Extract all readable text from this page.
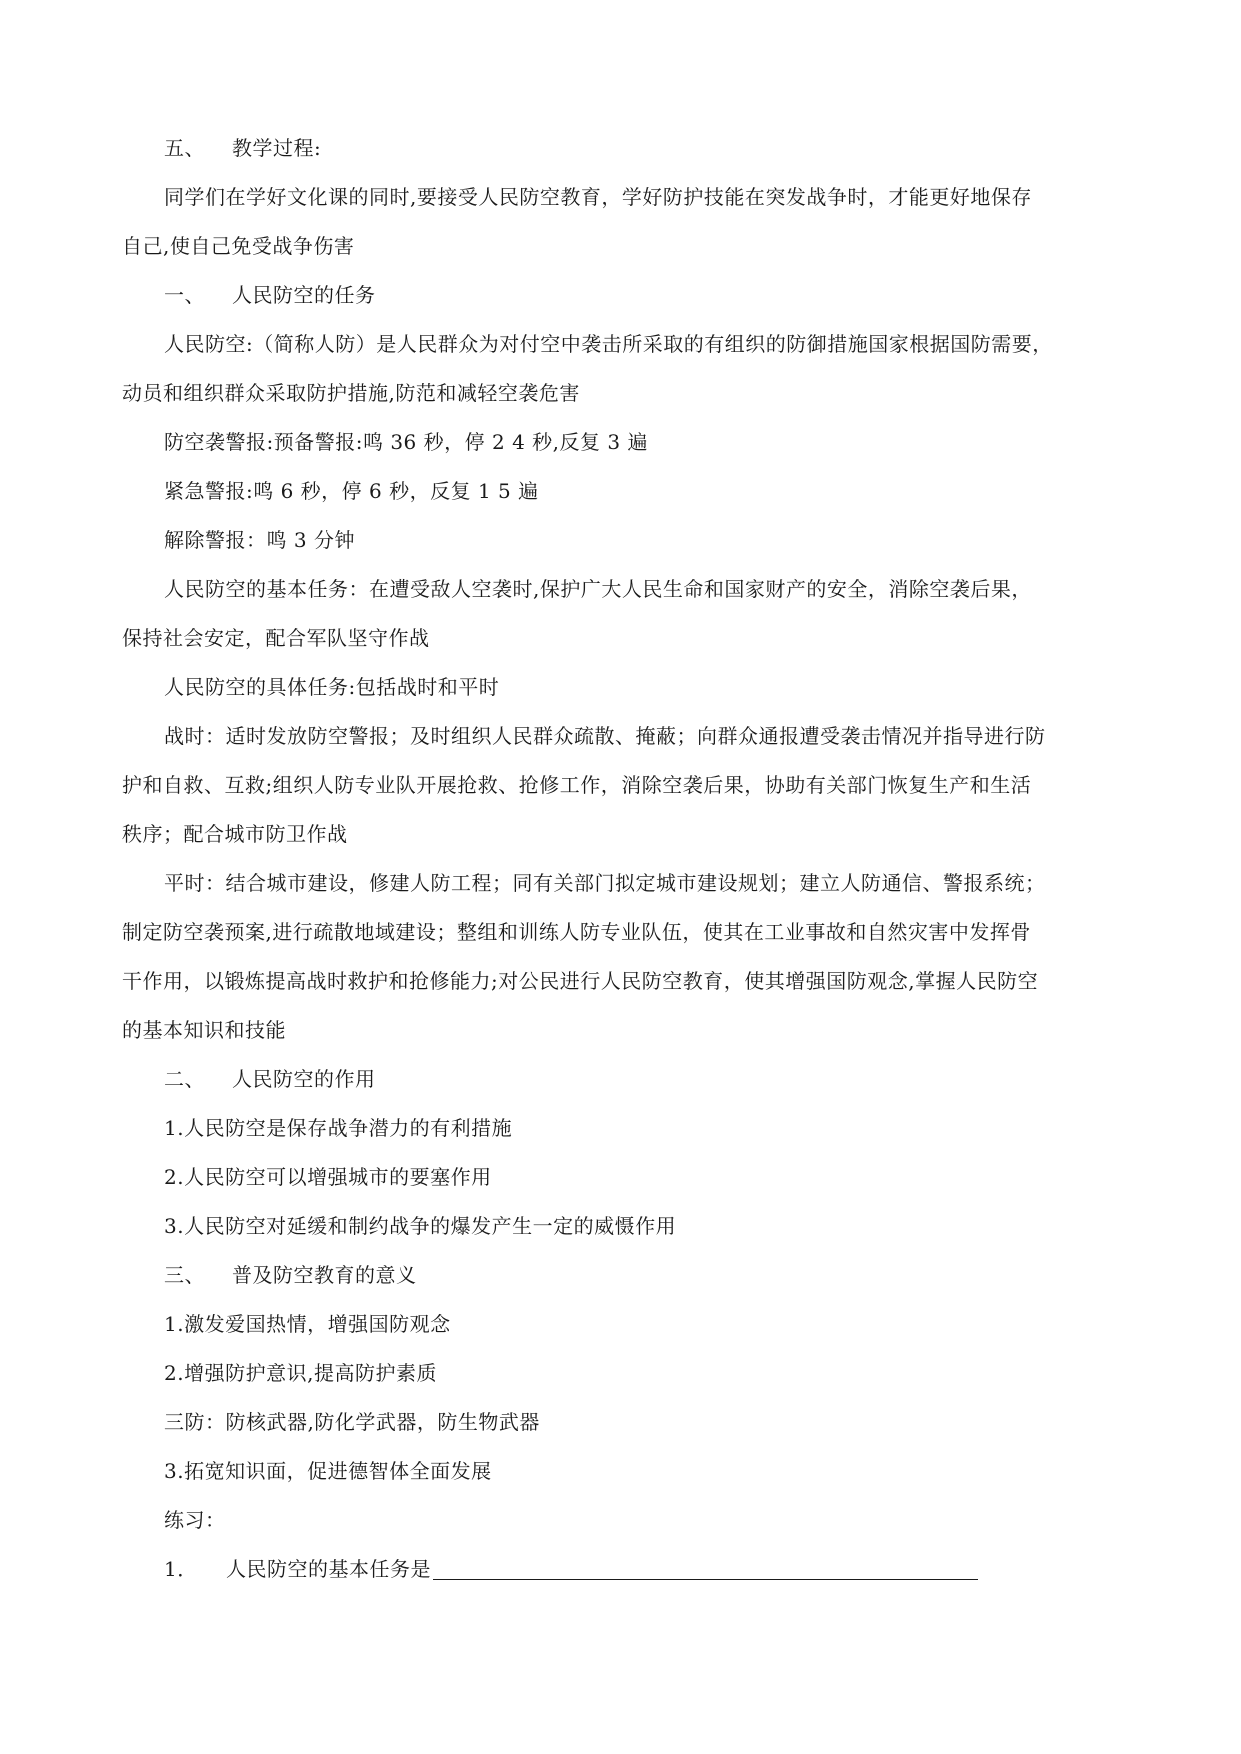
五、 教学过程:
同学们在学好文化课的同时,要接受人民防空教育，学好防护技能在突发战争时，才能更好地保存
自己,使自己免受战争伤害
一、 人民防空的任务
人民防空:（简称人防）是人民群众为对付空中袭击所采取的有组织的防御措施国家根据国防需要，
动员和组织群众采取防护措施,防范和减轻空袭危害
防空袭警报:预备警报:鸣 36 秒，停 2 4 秒,反复 3 遍
紧急警报:鸣 6 秒，停 6 秒，反复 1 5 遍
解除警报：鸣 3 分钟
人民防空的基本任务：在遭受敌人空袭时,保护广大人民生命和国家财产的安全，消除空袭后果，
保持社会安定，配合军队坚守作战
人民防空的具体任务:包括战时和平时
战时：适时发放防空警报；及时组织人民群众疏散、掩蔽；向群众通报遭受袭击情况并指导进行防
护和自救、互救;组织人防专业队开展抢救、抢修工作，消除空袭后果，协助有关部门恢复生产和生活
秩序；配合城市防卫作战
平时：结合城市建设，修建人防工程；同有关部门拟定城市建设规划；建立人防通信、警报系统；
制定防空袭预案,进行疏散地域建设；整组和训练人防专业队伍，使其在工业事故和自然灾害中发挥骨
干作用，以锻炼提高战时救护和抢修能力;对公民进行人民防空教育，使其增强国防观念,掌握人民防空
的基本知识和技能
二、 人民防空的作用
1.人民防空是保存战争潜力的有利措施
2.人民防空可以增强城市的要塞作用
3.人民防空对延缓和制约战争的爆发产生一定的威慑作用
三、 普及防空教育的意义
1.激发爱国热情，增强国防观念
2.增强防护意识,提高防护素质
三防：防核武器,防化学武器，防生物武器
3.拓宽知识面，促进德智体全面发展
练习：
1． 人民防空的基本任务是
